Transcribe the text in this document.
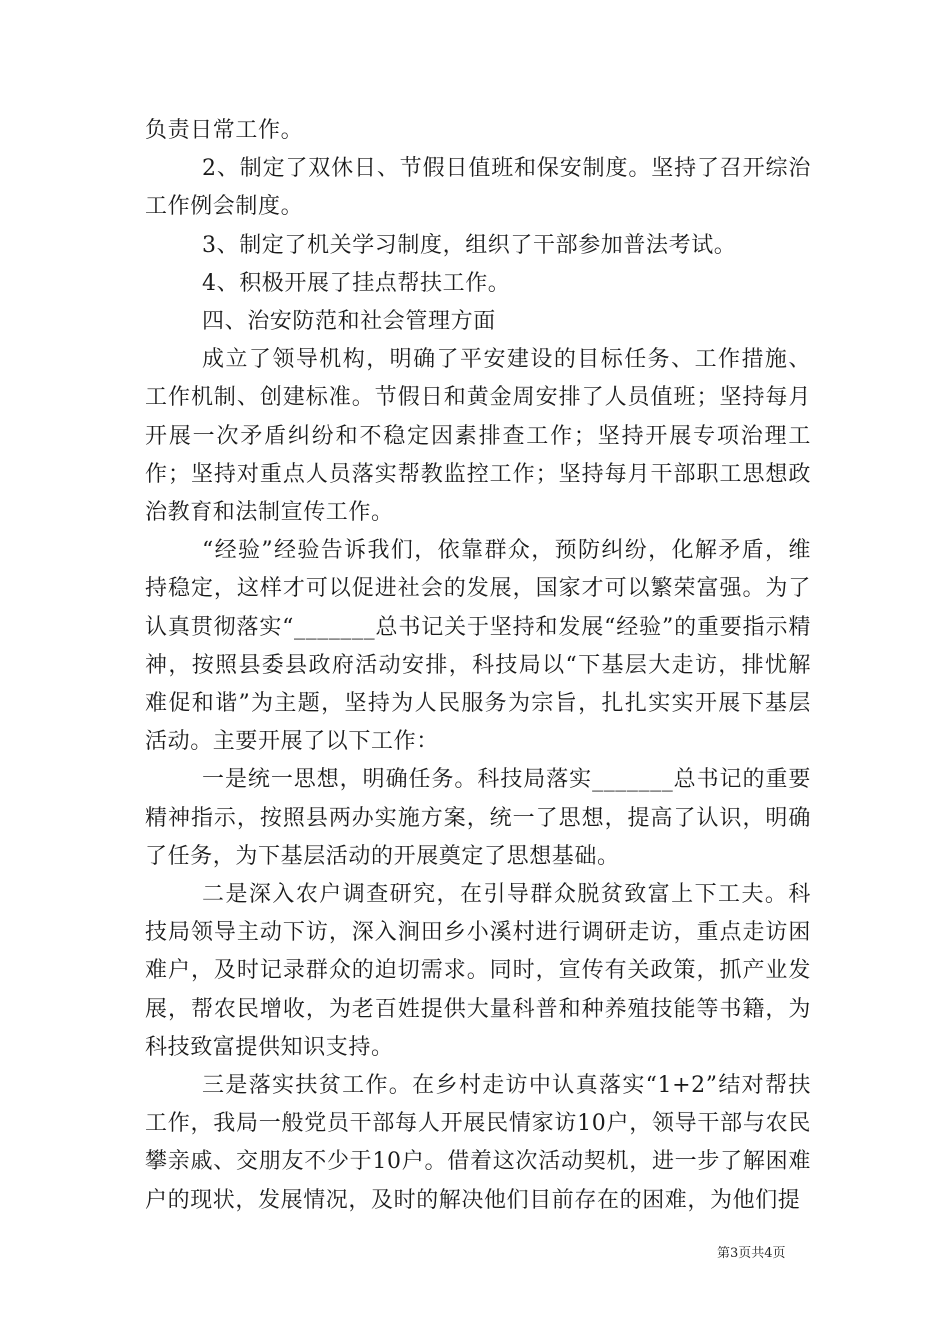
负责日常工作。

2、制定了双休日、节假日值班和保安制度。坚持了召开综治工作例会制度。

3、制定了机关学习制度，组织了干部参加普法考试。

4、积极开展了挂点帮扶工作。

四、治安防范和社会管理方面

成立了领导机构，明确了平安建设的目标任务、工作措施、工作机制、创建标准。节假日和黄金周安排了人员值班；坚持每月开展一次矛盾纠纷和不稳定因素排查工作；坚持开展专项治理工作；坚持对重点人员落实帮教监控工作；坚持每月干部职工思想政治教育和法制宣传工作。

“经验”经验告诉我们，依靠群众，预防纠纷，化解矛盾，维持稳定，这样才可以促进社会的发展，国家才可以繁荣富强。为了认真贯彻落实“_______总书记关于坚持和发展“经验”的重要指示精神，按照县委县政府活动安排，科技局以“下基层大走访，排忧解难促和谐”为主题，坚持为人民服务为宗旨，扎扎实实开展下基层活动。主要开展了以下工作：

一是统一思想，明确任务。科技局落实_______总书记的重要精神指示，按照县两办实施方案，统一了思想，提高了认识，明确了任务，为下基层活动的开展奠定了思想基础。

二是深入农户调查研究，在引导群众脱贫致富上下工夫。科技局领导主动下访，深入涧田乡小溪村进行调研走访，重点走访困难户，及时记录群众的迫切需求。同时，宣传有关政策，抓产业发展，帮农民增收，为老百姓提供大量科普和种养殖技能等书籍，为科技致富提供知识支持。

三是落实扶贫工作。在乡村走访中认真落实“1+2”结对帮扶工作，我局一般党员干部每人开展民情家访10户，领导干部与农民攀亲戚、交朋友不少于10户。借着这次活动契机，进一步了解困难户的现状，发展情况，及时的解决他们目前存在的困难，为他们提

第3页共4页
